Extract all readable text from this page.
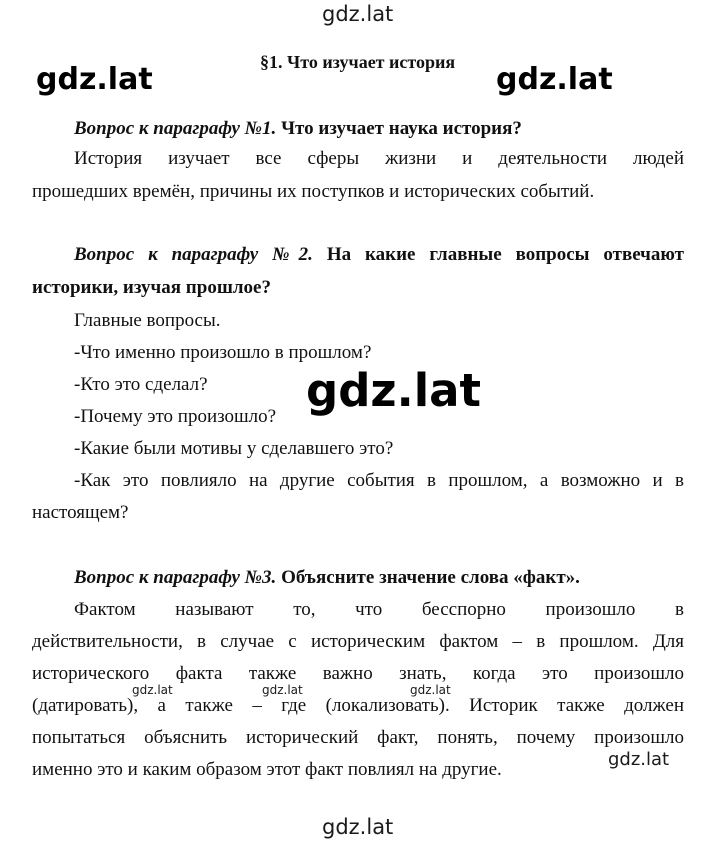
gdz.lat
gdz.lat	gdz.lat
§1. Что изучает история
Вопрос к параграфу №1. Что изучает наука история?
История изучает все сферы жизни и деятельности людей
прошедших времён, причины их поступков и исторических событий.
Вопрос к параграфу №2. На какие главные вопросы отвечают
историки, изучая прошлое?
Главные вопросы.
-Что именно произошло в прошлом?
-Кто это сделал?
-Почему это произошло?
-Какие были мотивы у сделавшего это?
-Как это повлияло на другие события в прошлом, а возможно и в
настоящем?
gdz.lat
Вопрос к параграфу №3. Объясните значение слова «факт».
Фактом называют то, что бесспорно произошло в
действительности, в случае с историческим фактом – в прошлом. Для
исторического факта также важно знать, когда это произошло
(датировать), а также – где (локализовать). Историк также должен
попытаться объяснить исторический факт, понять, почему произошло
именно это и каким образом этот факт повлиял на другие.
gdz.lat	gdz.lat	gdz.lat
gdz.lat
gdz.lat
